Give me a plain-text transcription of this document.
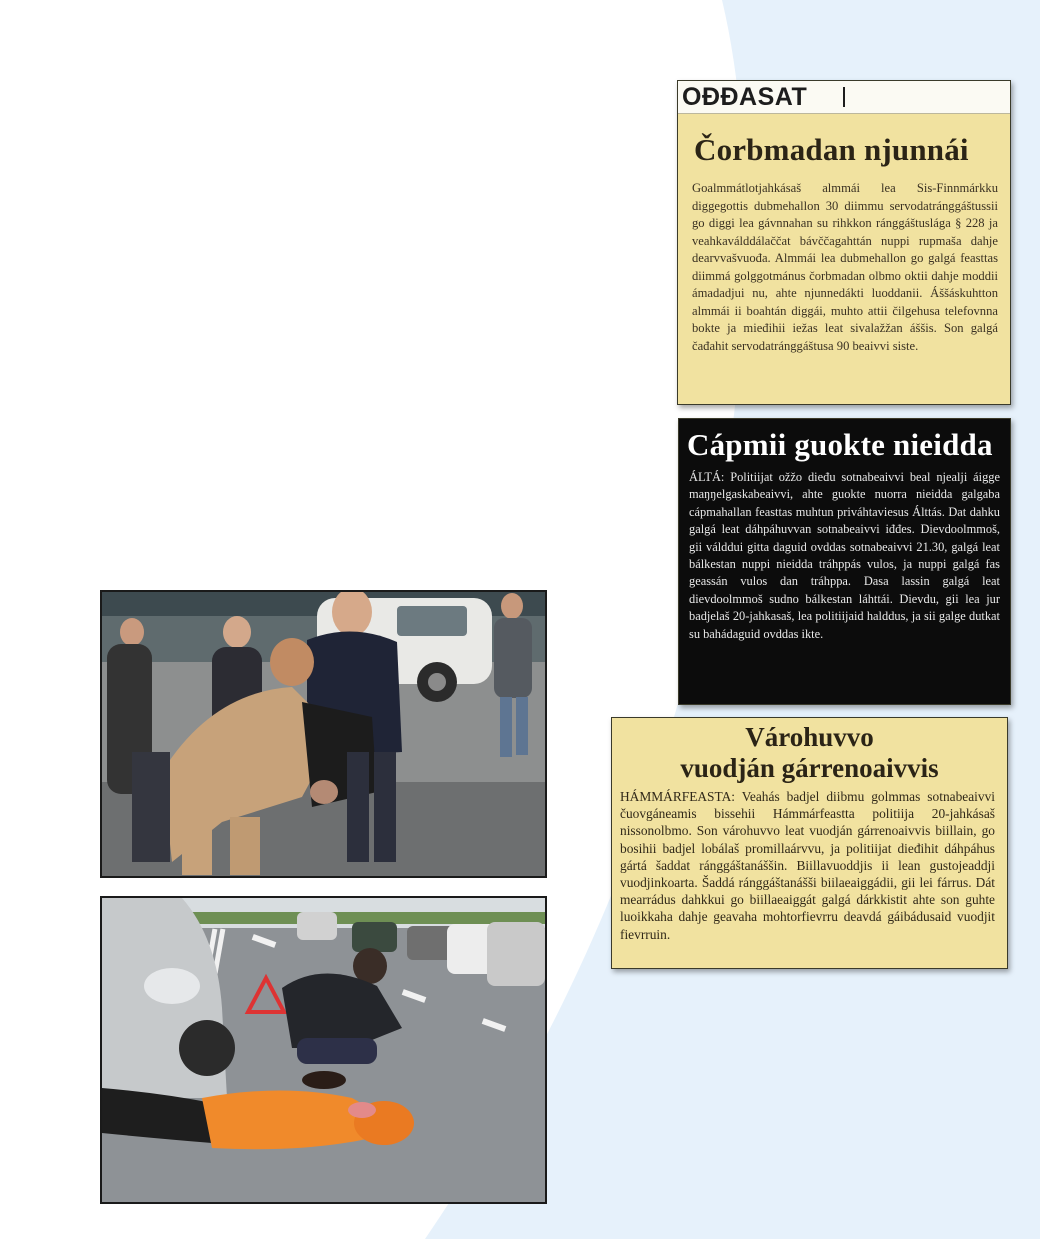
OĐĐASAT
Čorbmadan njunnái

Goalmmátlotjahkásaš almmái lea Sis-Finnmárkku diggegottis dubmehallon 30 diimmu servodatránggáštussii go diggi lea gávnnahan su rihkkon ránggáštuslága § 228 ja veahkaválddálaččat bávččagahttán nuppi rupmaša dahje dearvvašvuođa. Almmái lea dubmehallon go galgá feasttas diimmá golggotmánus čorbmadan olbmo oktii dahje moddii ámadadjui nu, ahte njunnedákti luoddanii. Áššáskuhtton almmái ii boahtán diggái, muhto attii čilgehusa telefovnna bokte ja mieđihii iežas leat sivalažžan áššis. Son galgá čađahit servodatránggáštusa 90 beaivvi siste.

Cápmii guokte nieidda

ÁLTÁ: Politiijat ožžo dieđu sotnabeaivvi beal njealji áigge maŋŋelgaskabeaivvi, ahte guokte nuorra nieidda galgaba cápmahallan feasttas muhtun priváhtaviesus Álttás. Dat dahku galgá leat dáhpáhuvvan sotnabeaivvi iđđes. Dievdoolmmoš, gii válddui gitta daguid ovddas sotnabeaivvi 21.30, galgá leat bálkestan nuppi nieidda tráhppás vulos, ja nuppi galgá fas geassán vulos dan tráhppa. Dasa lassin galgá leat dievdoolmmoš sudno bálkestan láhttái. Dievdu, gii lea jur badjelaš 20-jahkasaš, lea politiijaid halddus, ja sii galge dutkat su bahádaguid ovddas ikte.

Várohuvvo
vuodján gárrenoaivvis

HÁMMÁRFEASTA: Veahás badjel diibmu golmmas sotnabeaivvi čuovgáneamis bissehii Hámmárfeastta politiija 20-jahkásaš nissonolbmo. Son várohuvvo leat vuodján gárrenoaivvis biillain, go bosihii badjel lobálaš promillaárvvu, ja politiijat dieđihit dáhpáhus gártá šaddat ránggáštanáššin. Biillavuoddjis ii lean gustojeaddji vuodjinkoarta. Šaddá ránggáštanášši biilaeaiggádii, gii lei fárrus. Dát mearrádus dahkkui go biillaeaiggát galgá dárkkistit ahte son guhte luoikkaha dahje geavaha mohtorfievrru deavdá gáibádusaid vuodjit fievrruin.
